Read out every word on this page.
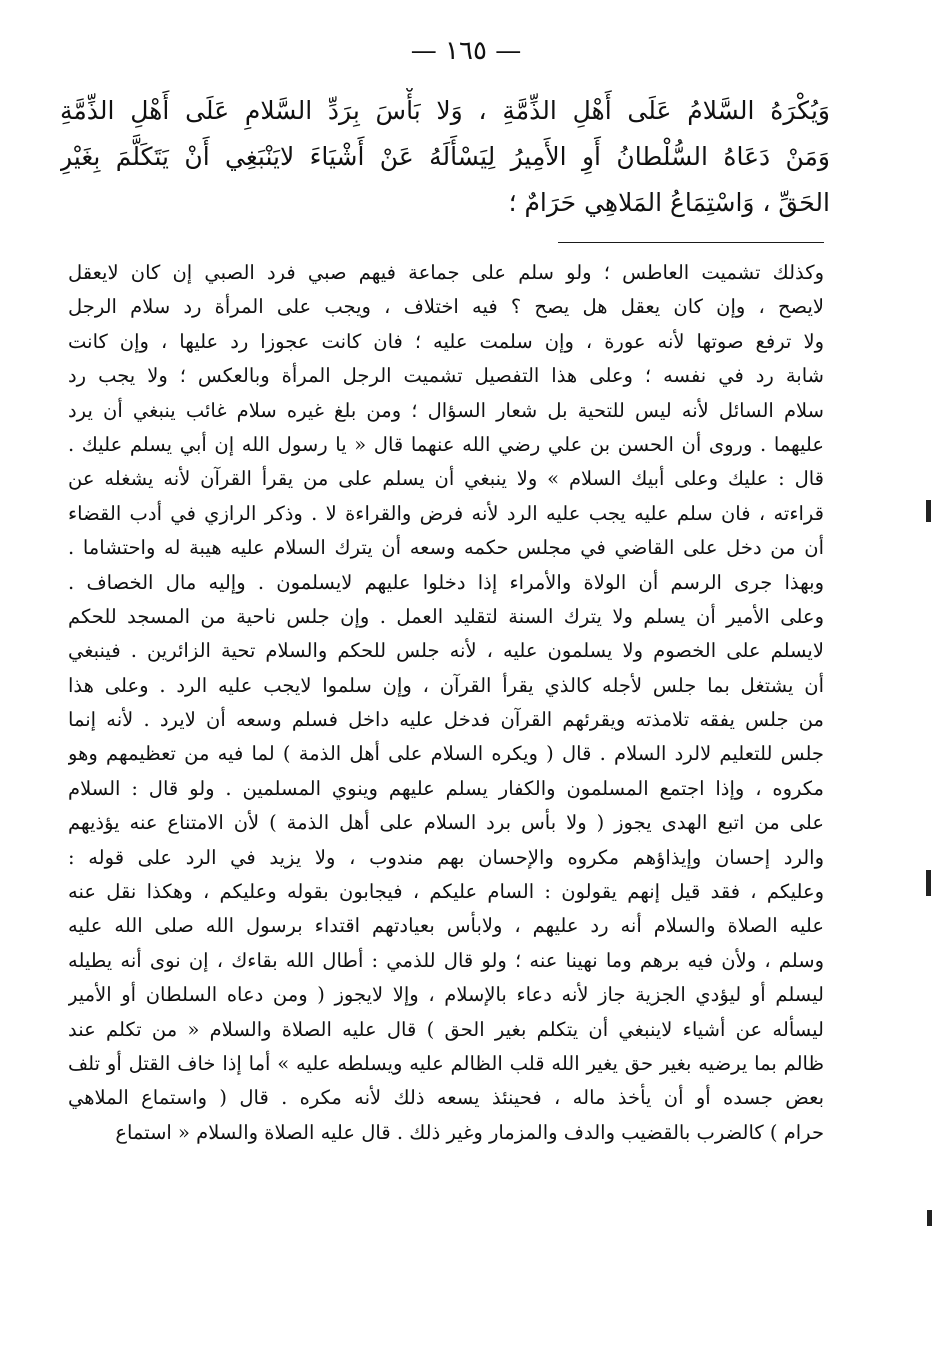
— ١٦٥ —
وَيُكْرَهُ السَّلامُ عَلَى أَهْلِ الذِّمَّةِ ، وَلا بَأْسَ بِرَدِّ السَّلامِ عَلَى أَهْلِ الذِّمَّةِ
وَمَنْ دَعَاهُ السُّلْطانُ أَوِ الأَمِيرُ لِيَسْأَلَهُ عَنْ أَشْيَاءَ لايَنْبَغِي أَنْ يَتَكَلَّمَ بِغَيْرِ
الحَقِّ ، وَاسْتِمَاعُ المَلاهِي حَرَامٌ ؛
وكذلك تشميت العاطس ؛ ولو سلم على جماعة فيهم صبي فرد الصبي إن كان لايعقل
لايصح ، وإن كان يعقل هل يصح ؟ فيه اختلاف ، ويجب على المرأة رد سلام الرجل
ولا ترفع صوتها لأنه عورة ، وإن سلمت عليه ؛ فان كانت عجوزا رد عليها ، وإن كانت
شابة رد في نفسه ؛ وعلى هذا التفصيل تشميت الرجل المرأة وبالعكس ؛ ولا يجب رد
سلام السائل لأنه ليس للتحية بل شعار السؤال ؛ ومن بلغ غيره سلام غائب ينبغي أن يرد
عليهما . وروى أن الحسن بن علي رضي الله عنهما قال « يا رسول الله إن أبي يسلم عليك .
قال : عليك وعلى أبيك السلام » ولا ينبغي أن يسلم على من يقرأ القرآن لأنه يشغله عن
قراءته ، فان سلم عليه يجب عليه الرد لأنه فرض والقراءة لا . وذكر الرازي في أدب القضاء
أن من دخل على القاضي في مجلس حكمه وسعه أن يترك السلام عليه هيبة له واحتشاما .
وبهذا جرى الرسم أن الولاة والأمراء إذا دخلوا عليهم لايسلمون . وإليه مال الخصاف .
وعلى الأمير أن يسلم ولا يترك السنة لتقليد العمل . وإن جلس ناحية من المسجد للحكم
لايسلم على الخصوم ولا يسلمون عليه ، لأنه جلس للحكم والسلام تحية الزائرين . فينبغي
أن يشتغل بما جلس لأجله كالذي يقرأ القرآن ، وإن سلموا لايجب عليه الرد . وعلى هذا
من جلس يفقه تلامذته ويقرئهم القرآن فدخل عليه داخل فسلم وسعه أن لايرد . لأنه إنما
جلس للتعليم لالرد السلام . قال ( ويكره السلام على أهل الذمة ) لما فيه من تعظيمهم وهو
مكروه ، وإذا اجتمع المسلمون والكفار يسلم عليهم وينوي المسلمين . ولو قال : السلام
على من اتبع الهدى يجوز ( ولا بأس برد السلام على أهل الذمة ) لأن الامتناع عنه يؤذيهم
والرد إحسان وإيذاؤهم مكروه والإحسان بهم مندوب ، ولا يزيد في الرد على قوله :
وعليكم ، فقد قيل إنهم يقولون : السام عليكم ، فيجابون بقوله وعليكم ، وهكذا نقل عنه
عليه الصلاة والسلام أنه رد عليهم ، ولابأس بعيادتهم اقتداء برسول الله صلى الله عليه
وسلم ، ولأن فيه برهم وما نهينا عنه ؛ ولو قال للذمي : أطال الله بقاءك ، إن نوى أنه يطيله
ليسلم أو ليؤدي الجزية جاز لأنه دعاء بالإسلام ، وإلا لايجوز ( ومن دعاه السلطان أو الأمير
ليسأله عن أشياء لاينبغي أن يتكلم بغير الحق ) قال عليه الصلاة والسلام « من تكلم عند
ظالم بما يرضيه بغير حق يغير الله قلب الظالم عليه ويسلطه عليه » أما إذا خاف القتل أو تلف
بعض جسده أو أن يأخذ ماله ، فحينئذ يسعه ذلك لأنه مكره . قال ( واستماع الملاهي
حرام ) كالضرب بالقضيب والدف والمزمار وغير ذلك . قال عليه الصلاة والسلام « استماع
